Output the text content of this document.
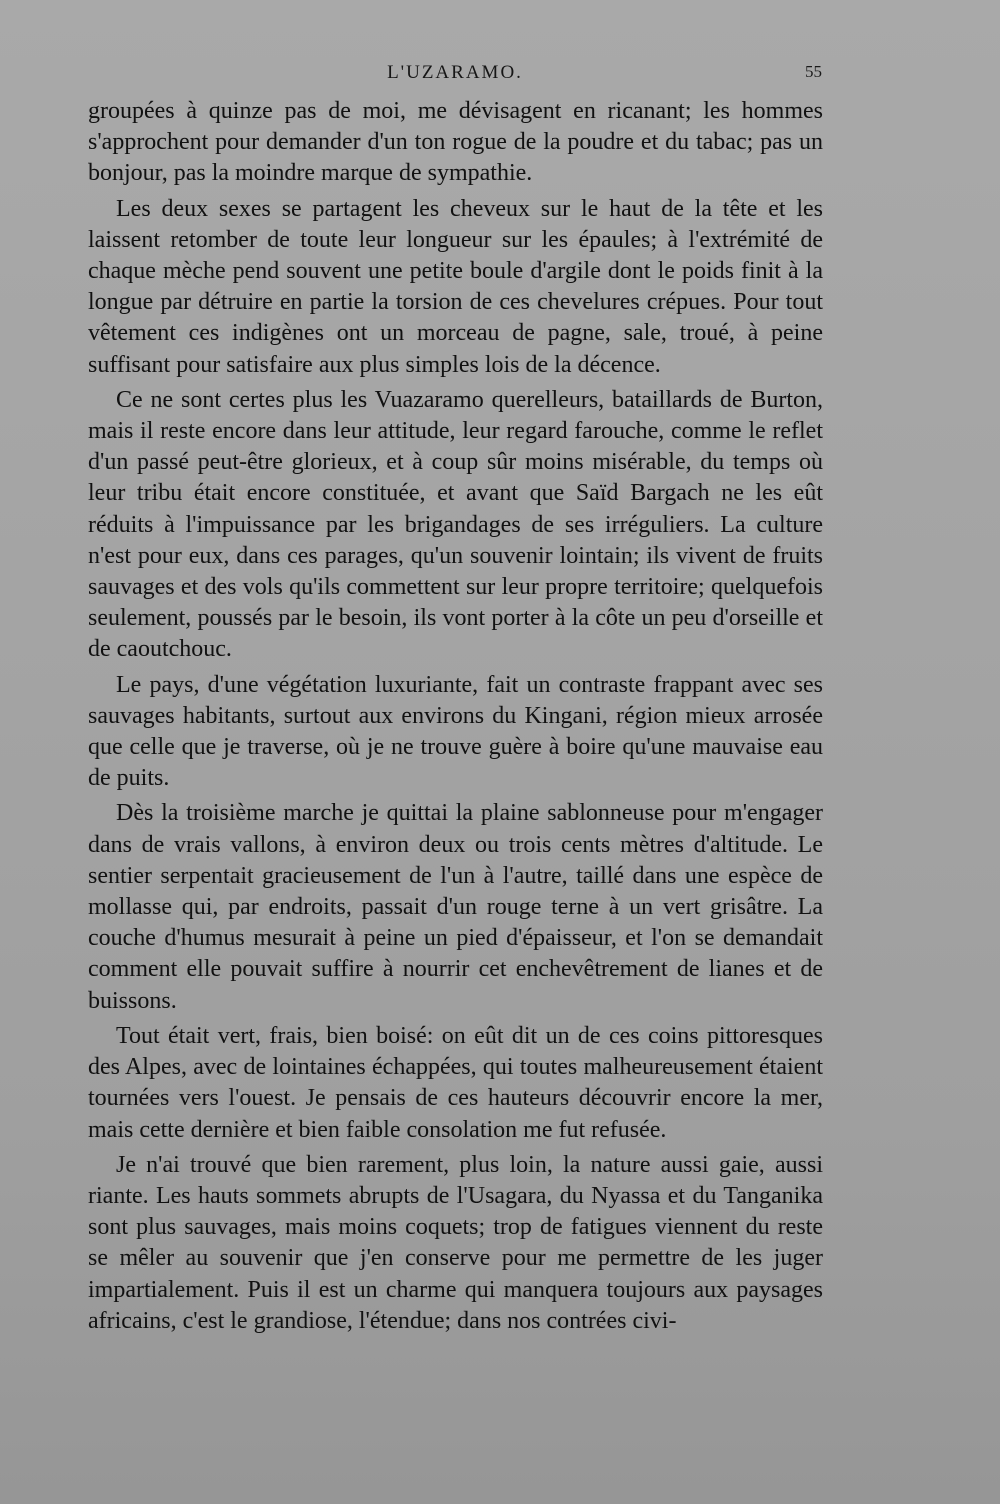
L'UZARAMO.	55

groupées à quinze pas de moi, me dévisagent en ricanant; les hommes s'approchent pour demander d'un ton rogue de la poudre et du tabac; pas un bonjour, pas la moindre marque de sympathie.

Les deux sexes se partagent les cheveux sur le haut de la tête et les laissent retomber de toute leur longueur sur les épaules; à l'extrémité de chaque mèche pend souvent une petite boule d'argile dont le poids finit à la longue par détruire en partie la torsion de ces chevelures crépues. Pour tout vêtement ces indigènes ont un morceau de pagne, sale, troué, à peine suffisant pour satisfaire aux plus simples lois de la décence.

Ce ne sont certes plus les Vuazaramo querelleurs, bataillards de Burton, mais il reste encore dans leur attitude, leur regard farouche, comme le reflet d'un passé peut-être glorieux, et à coup sûr moins misérable, du temps où leur tribu était encore constituée, et avant que Saïd Bargach ne les eût réduits à l'impuissance par les brigandages de ses irréguliers. La culture n'est pour eux, dans ces parages, qu'un souvenir lointain; ils vivent de fruits sauvages et des vols qu'ils commettent sur leur propre territoire; quelquefois seulement, poussés par le besoin, ils vont porter à la côte un peu d'orseille et de caoutchouc.

Le pays, d'une végétation luxuriante, fait un contraste frappant avec ses sauvages habitants, surtout aux environs du Kingani, région mieux arrosée que celle que je traverse, où je ne trouve guère à boire qu'une mauvaise eau de puits.

Dès la troisième marche je quittai la plaine sablonneuse pour m'engager dans de vrais vallons, à environ deux ou trois cents mètres d'altitude. Le sentier serpentait gracieusement de l'un à l'autre, taillé dans une espèce de mollasse qui, par endroits, passait d'un rouge terne à un vert grisâtre. La couche d'humus mesurait à peine un pied d'épaisseur, et l'on se demandait comment elle pouvait suffire à nourrir cet enchevêtrement de lianes et de buissons.

Tout était vert, frais, bien boisé: on eût dit un de ces coins pittoresques des Alpes, avec de lointaines échappées, qui toutes malheureusement étaient tournées vers l'ouest. Je pensais de ces hauteurs découvrir encore la mer, mais cette dernière et bien faible consolation me fut refusée.

Je n'ai trouvé que bien rarement, plus loin, la nature aussi gaie, aussi riante. Les hauts sommets abrupts de l'Usagara, du Nyassa et du Tanganika sont plus sauvages, mais moins coquets; trop de fatigues viennent du reste se mêler au souvenir que j'en conserve pour me permettre de les juger impartialement. Puis il est un charme qui manquera toujours aux paysages africains, c'est le grandiose, l'étendue; dans nos contrées civi-
